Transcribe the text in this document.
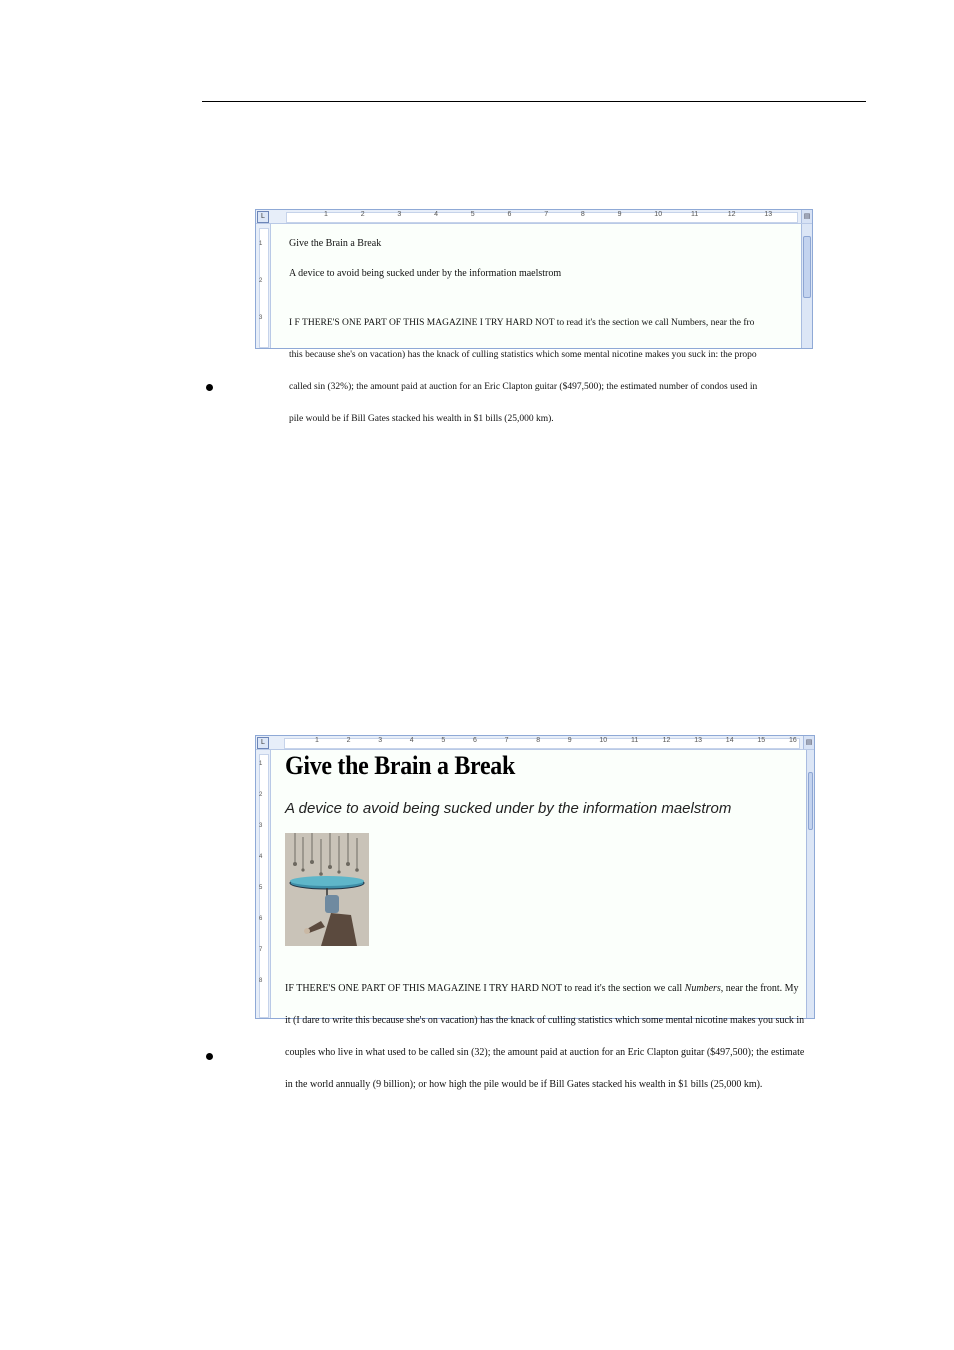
L	1	2	3	4	5	6	7	8	9	10	11	12	13	▤
1
2
3
Give the Brain a Break
A device to avoid being sucked under by the information maelstrom

I F THERE'S ONE PART OF THIS MAGAZINE I TRY HARD NOT to read it's the section we call Numbers, near the fro

this because she's on vacation) has the knack of culling statistics which some mental nicotine makes you suck in: the propo

called sin (32%); the amount paid at auction for an Eric Clapton guitar ($497,500); the estimated number of condos used in

pile would be if Bill Gates stacked his wealth in $1 bills (25,000 km).

L	1	2	3	4	5	6	7	8	9	10	11	12	13	14	15	16	▤
1
2
3
4
5
6
7
8
Give the Brain a Break
A device to avoid being sucked under by the information maelstrom

IF THERE'S ONE PART OF THIS MAGAZINE I TRY HARD NOT to read it's the section we call Numbers, near the front. My

it (I dare to write this because she's on vacation) has the knack of culling statistics which some mental nicotine makes you suck in

couples who live in what used to be called sin (32); the amount paid at auction for an Eric Clapton guitar ($497,500); the estimate

in the world annually (9 billion); or how high the pile would be if Bill Gates stacked his wealth in $1 bills (25,000 km).
